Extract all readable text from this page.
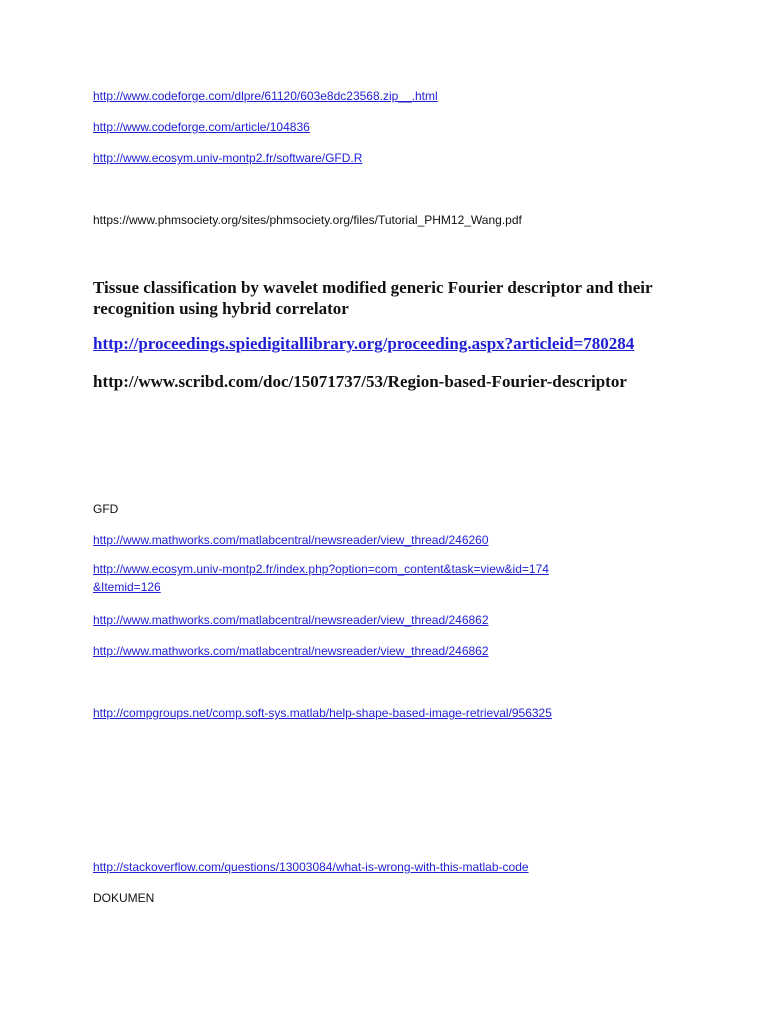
http://www.codeforge.com/dlpre/61120/603e8dc23568.zip__.html
http://www.codeforge.com/article/104836
http://www.ecosym.univ-montp2.fr/software/GFD.R
https://www.phmsociety.org/sites/phmsociety.org/files/Tutorial_PHM12_Wang.pdf
Tissue classification by wavelet modified generic Fourier descriptor and their recognition using hybrid correlator
http://proceedings.spiedigitallibrary.org/proceeding.aspx?articleid=780284
http://www.scribd.com/doc/15071737/53/Region-based-Fourier-descriptor
GFD
http://www.mathworks.com/matlabcentral/newsreader/view_thread/246260
http://www.ecosym.univ-montp2.fr/index.php?option=com_content&task=view&id=174&Itemid=126
http://www.mathworks.com/matlabcentral/newsreader/view_thread/246862
http://www.mathworks.com/matlabcentral/newsreader/view_thread/246862
http://compgroups.net/comp.soft-sys.matlab/help-shape-based-image-retrieval/956325
http://stackoverflow.com/questions/13003084/what-is-wrong-with-this-matlab-code
DOKUMEN
